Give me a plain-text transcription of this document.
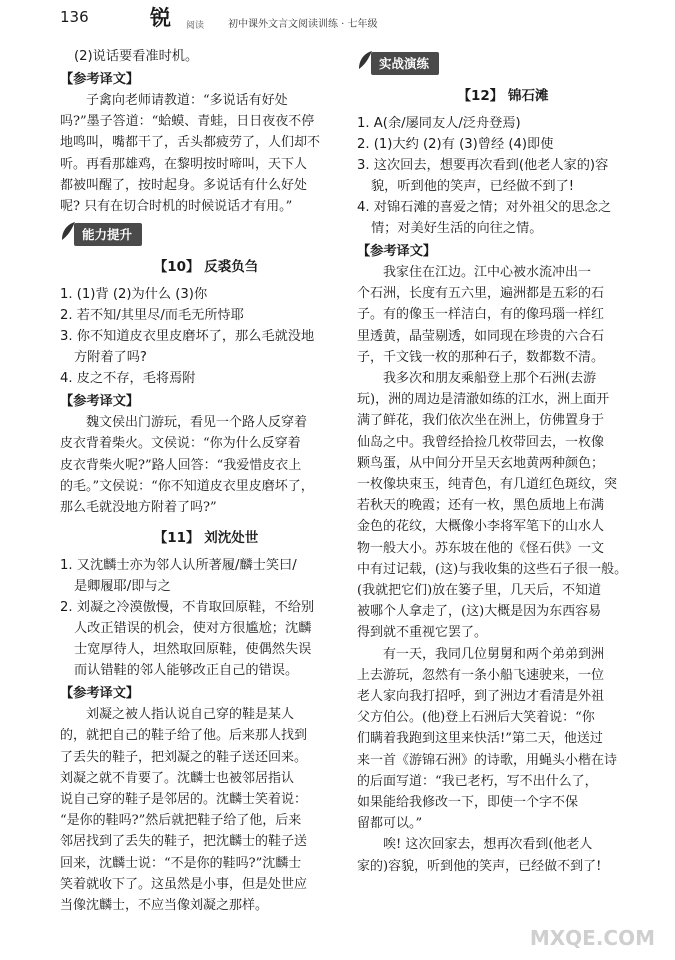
136	锐 阅读 初中课外文言文阅读训练 · 七年级
(2)说话要看准时机。
【参考译文】
子禽向老师请教道：“多说话有好处
吗?”墨子答道：“蛤蟆、青蛙，日日夜夜不停
地鸣叫，嘴都干了，舌头都疲劳了，人们却不
听。再看那雄鸡，在黎明按时啼叫，天下人
都被叫醒了，按时起身。多说话有什么好处
呢? 只有在切合时机的时候说话才有用。”
能力提升
【10】 反裘负刍
1. (1)背 (2)为什么 (3)你
2. 若不知/其里尽/而毛无所恃耶
3. 你不知道皮衣里皮磨坏了，那么毛就没地
方附着了吗?
4. 皮之不存，毛将焉附
【参考译文】
魏文侯出门游玩，看见一个路人反穿着
皮衣背着柴火。文侯说：“你为什么反穿着
皮衣背柴火呢?”路人回答：“我爱惜皮衣上
的毛。”文侯说：“你不知道皮衣里皮磨坏了，
那么毛就没地方附着了吗?”
【11】 刘沈处世
1. 又沈麟士亦为邻人认所著履/麟士笑曰/
是卿履耶/即与之
2. 刘凝之冷漠傲慢，不肯取回原鞋，不给别
人改正错误的机会，使对方很尴尬；沈麟
士宽厚待人，坦然取回原鞋，使偶然失误
而认错鞋的邻人能够改正自己的错误。
【参考译文】
刘凝之被人指认说自己穿的鞋是某人
的，就把自己的鞋子给了他。后来那人找到
了丢失的鞋子，把刘凝之的鞋子送还回来。
刘凝之就不肯要了。沈麟士也被邻居指认
说自己穿的鞋子是邻居的。沈麟士笑着说：
“是你的鞋吗?”然后就把鞋子给了他，后来
邻居找到了丢失的鞋子，把沈麟士的鞋子送
回来，沈麟士说：“不是你的鞋吗?”沈麟士
笑着就收下了。这虽然是小事，但是处世应
当像沈麟士，不应当像刘凝之那样。
实战演练
【12】 锦石滩
1. A(余/屡同友人/泛舟登焉)
2. (1)大约 (2)有 (3)曾经 (4)即使
3. 这次回去，想要再次看到(他老人家的)容
貌，听到他的笑声，已经做不到了!
4. 对锦石滩的喜爱之情；对外祖父的思念之
情；对美好生活的向往之情。
【参考译文】
我家住在江边。江中心被水流冲出一
个石洲，长度有五六里，遍洲都是五彩的石
子。有的像玉一样洁白，有的像玛瑙一样红
里透黄，晶莹剔透，如同现在珍贵的六合石
子，千文钱一枚的那种石子，数都数不清。
我多次和朋友乘船登上那个石洲(去游
玩)，洲的周边是清澈如练的江水，洲上面开
满了鲜花，我们依次坐在洲上，仿佛置身于
仙岛之中。我曾经拾捡几枚带回去，一枚像
颗鸟蛋，从中间分开呈天玄地黄两种颜色；
一枚像块束玉，纯青色，有几道红色斑纹，突
若秋天的晚霞；还有一枚，黑色质地上布满
金色的花纹，大概像小李将军笔下的山水人
物一般大小。苏东坡在他的《怪石供》一文
中有过记载，(这)与我收集的这些石子很一般。
(我就把它们)放在篓子里，几天后，不知道
被哪个人拿走了，(这)大概是因为东西容易
得到就不重视它罢了。
有一天，我同几位舅舅和两个弟弟到洲
上去游玩，忽然有一条小船飞速驶来，一位
老人家向我打招呼，到了洲边才看清是外祖
父方伯公。(他)登上石洲后大笑着说：“你
们瞒着我跑到这里来快活!”第二天，他送过
来一首《游锦石洲》的诗歌，用蝇头小楷在诗
的后面写道：“我已老朽，写不出什么了，
如果能给我修改一下，即使一个字不保
留都可以。”
唉! 这次回家去，想再次看到(他老人
家的)容貌，听到他的笑声，已经做不到了!
MXQE.COM
